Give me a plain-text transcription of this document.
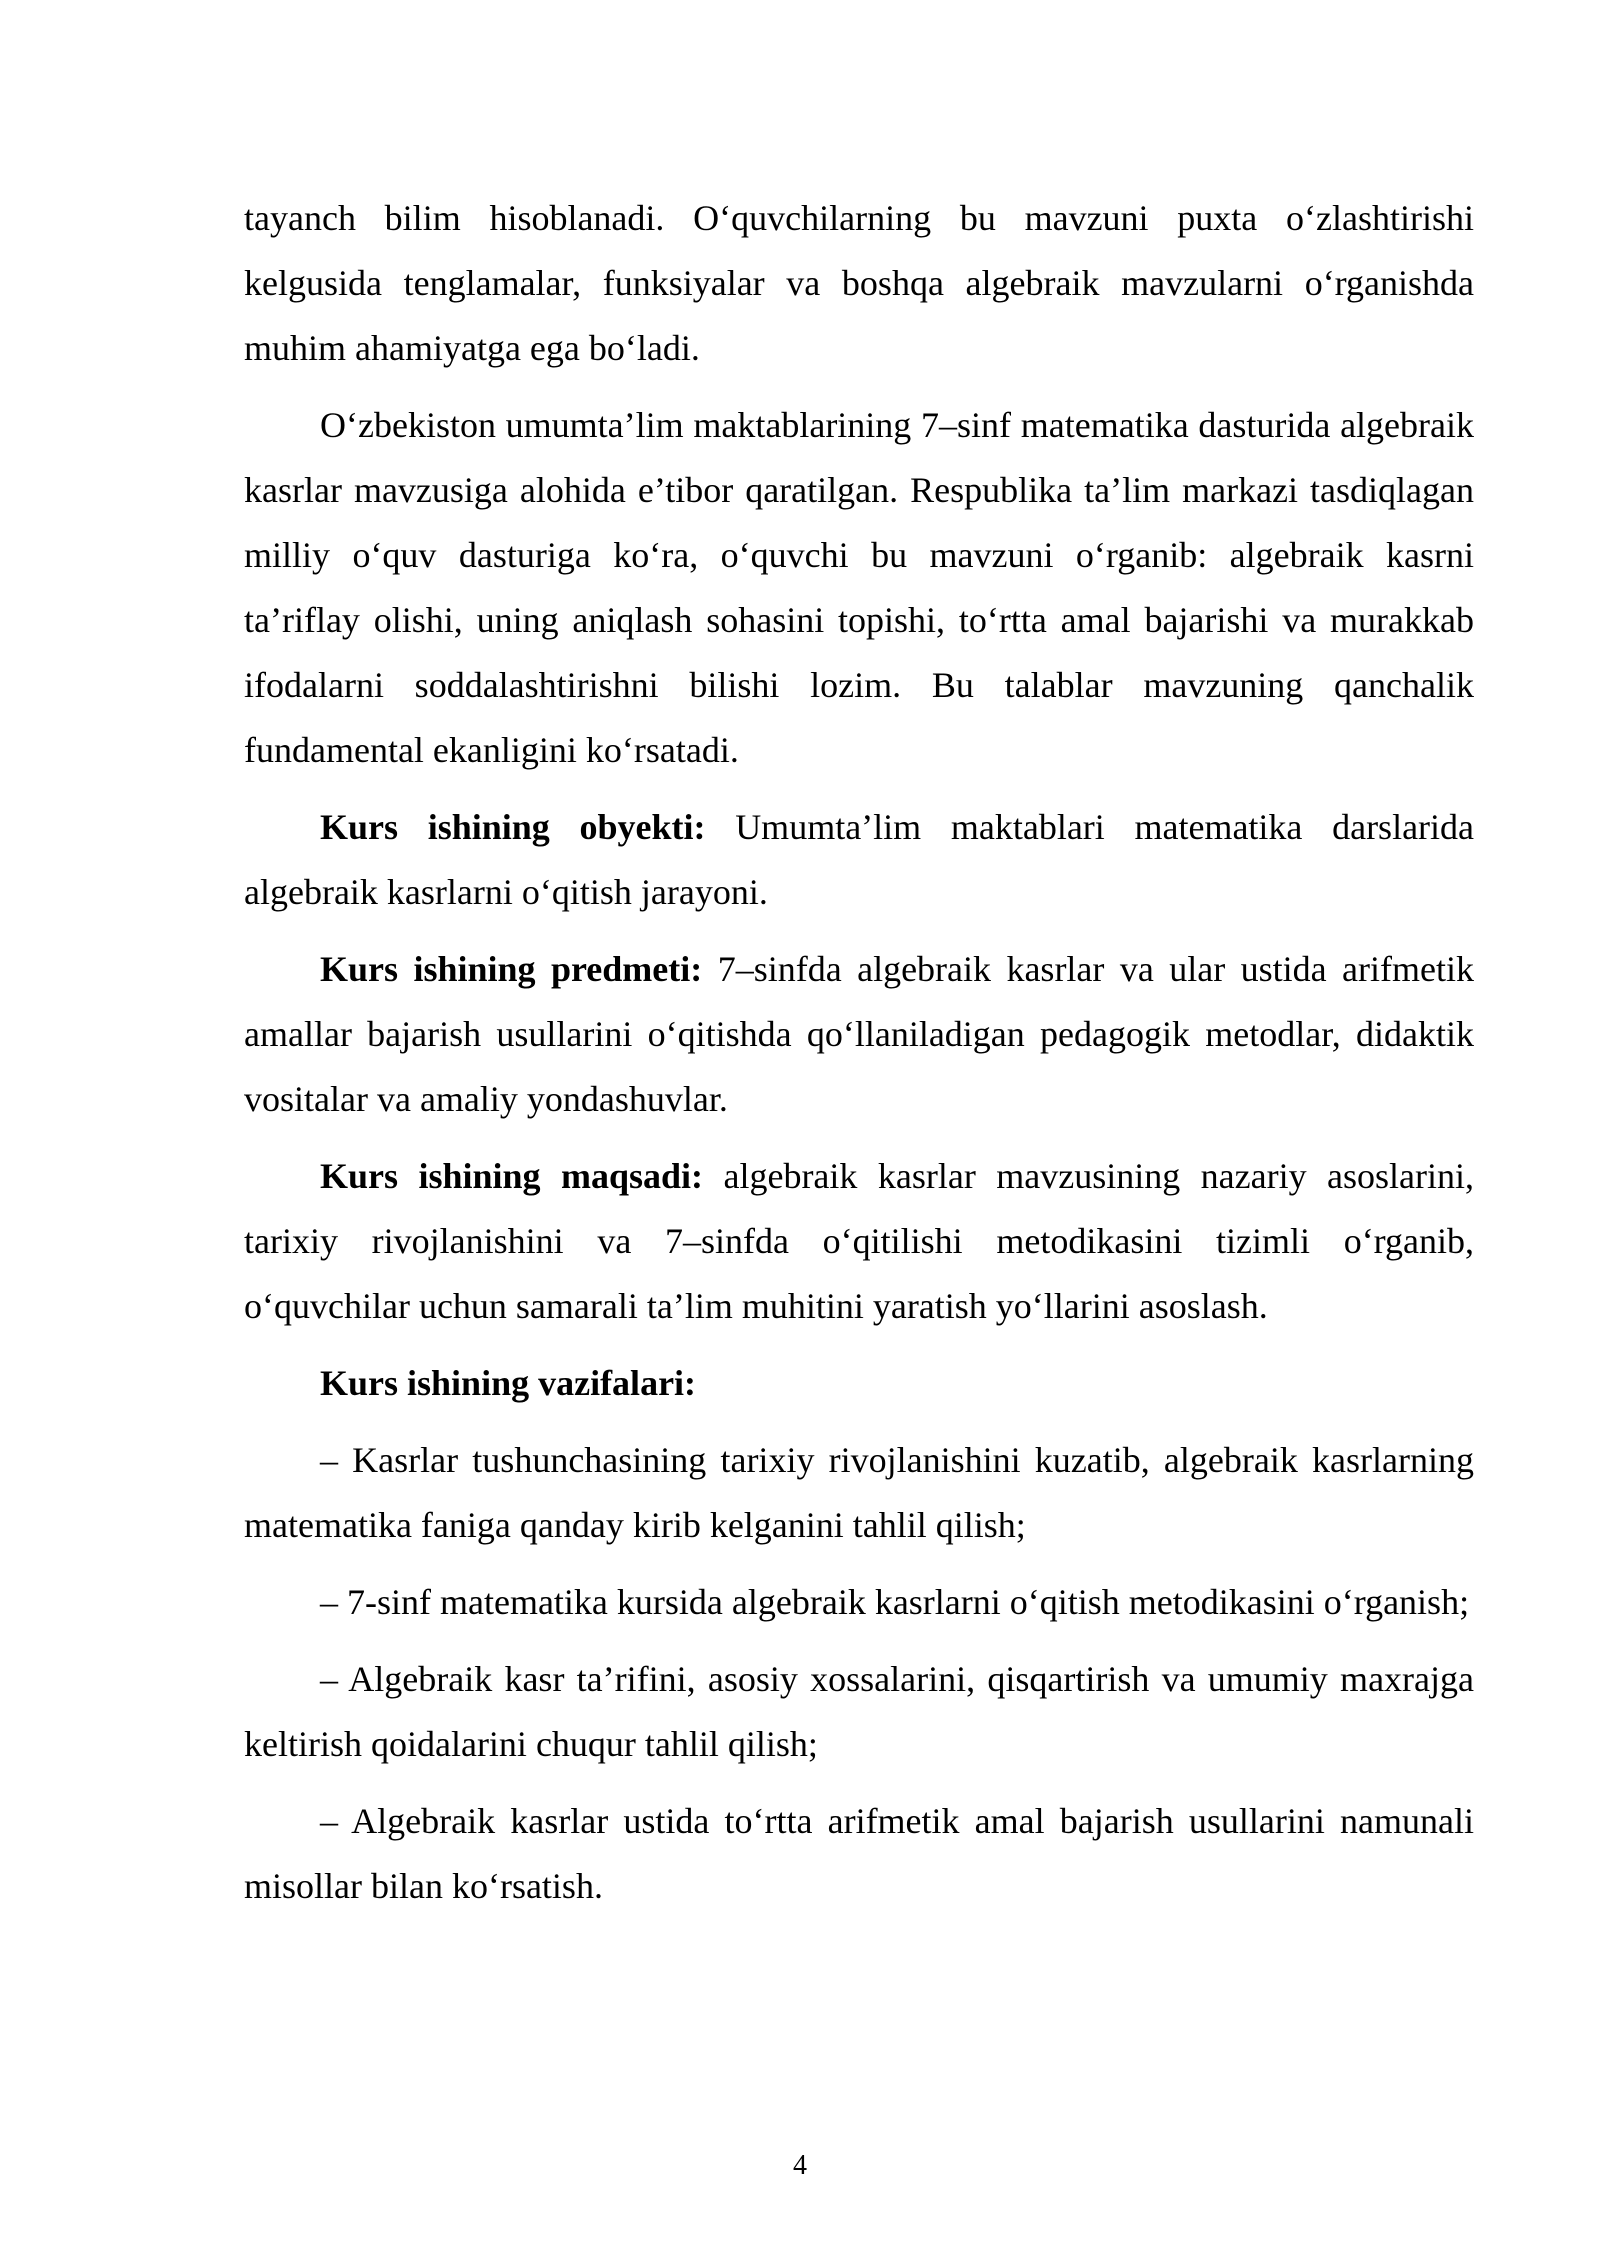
tayanch bilim hisoblanadi. O‘quvchilarning bu mavzuni puxta o‘zlashtirishi kelgusida tenglamalar, funksiyalar va boshqa algebraik mavzularni o‘rganishda muhim ahamiyatga ega bo‘ladi.

O‘zbekiston umumta’lim maktablarining 7–sinf matematika dasturida algebraik kasrlar mavzusiga alohida e’tibor qaratilgan. Respublika ta’lim markazi tasdiqlagan milliy o‘quv dasturiga ko‘ra, o‘quvchi bu mavzuni o‘rganib: algebraik kasrni ta’riflay olishi, uning aniqlash sohasini topishi, to‘rtta amal bajarishi va murakkab ifodalarni soddalashtirishni bilishi lozim. Bu talablar mavzuning qanchalik fundamental ekanligini ko‘rsatadi.

Kurs ishining obyekti: Umumta’lim maktablari matematika darslarida algebraik kasrlarni o‘qitish jarayoni.

Kurs ishining predmeti: 7–sinfda algebraik kasrlar va ular ustida arifmetik amallar bajarish usullarini o‘qitishda qo‘llaniladigan pedagogik metodlar, didaktik vositalar va amaliy yondashuvlar.

Kurs ishining maqsadi: algebraik kasrlar mavzusining nazariy asoslarini, tarixiy rivojlanishini va 7–sinfda o‘qitilishi metodikasini tizimli o‘rganib, o‘quvchilar uchun samarali ta’lim muhitini yaratish yo‘llarini asoslash.

Kurs ishining vazifalari:

– Kasrlar tushunchasining tarixiy rivojlanishini kuzatib, algebraik kasrlarning matematika faniga qanday kirib kelganini tahlil qilish;

– 7-sinf matematika kursida algebraik kasrlarni o‘qitish metodikasini o‘rganish;

– Algebraik kasr ta’rifini, asosiy xossalarini, qisqartirish va umumiy maxrajga keltirish qoidalarini chuqur tahlil qilish;

– Algebraik kasrlar ustida to‘rtta arifmetik amal bajarish usullarini namunali misollar bilan ko‘rsatish.

4
